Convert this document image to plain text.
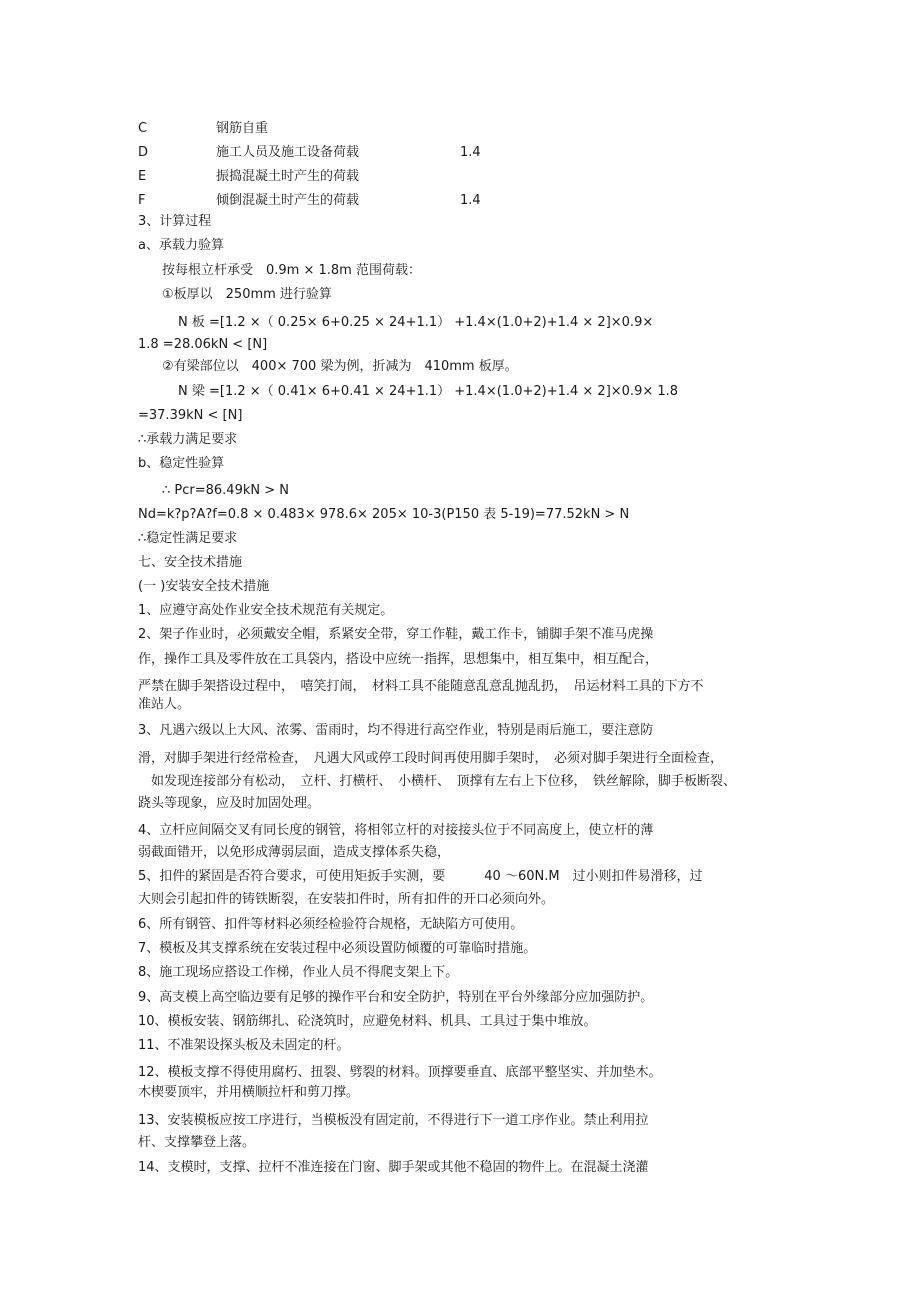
C	钢筋自重
D	施工人员及施工设备荷载	1.4
E	振捣混凝土时产生的荷载
F	倾倒混凝土时产生的荷载	1.4
3、计算过程
a、承载力验算
按每根立杆承受　0.9m × 1.8m 范围荷载：
①板厚以　250mm 进行验算
N 板 =[1.2 ×（ 0.25× 6+0.25 × 24+1.1） +1.4×(1.0+2)+1.4 × 2]×0.9×
1.8 =28.06kN < [N]
②有梁部位以　400× 700 梁为例，折减为　410mm 板厚。
N 梁 =[1.2 ×（ 0.41× 6+0.41 × 24+1.1） +1.4×(1.0+2)+1.4 × 2]×0.9× 1.8
=37.39kN < [N]
∴承载力满足要求
b、稳定性验算
∴ Pcr=86.49kN > N
Nd=k?p?A?f=0.8 × 0.483× 978.6× 205× 10-3(P150 表 5-19)=77.52kN > N
∴稳定性满足要求
七、安全技术措施
(一 )安装安全技术措施
1、应遵守高处作业安全技术规范有关规定。
2、架子作业时，必须戴安全帽，系紧安全带，穿工作鞋，戴工作卡，铺脚手架不准马虎操
作，操作工具及零件放在工具袋内，搭设中应统一指挥，思想集中，相互集中，相互配合，
严禁在脚手架搭设过程中，　嘻笑打闹，　材料工具不能随意乱意乱抛乱扔，　吊运材料工具的下方不
准站人。
3、凡遇六级以上大风、浓雾、雷雨时，均不得进行高空作业，特别是雨后施工，要注意防
滑，对脚手架进行经常检查，　凡遇大风或停工段时间再使用脚手架时，　必须对脚手架进行全面检查，
　如发现连接部分有松动，　立杆、打横杆、　小横杆、　顶撑有左右上下位移，　铁丝解除，脚手板断裂、
跷头等现象，应及时加固处理。
4、立杆应间隔交叉有同长度的钢管，将相邻立杆的对接接头位于不同高度上，使立杆的薄
弱截面错开，以免形成薄弱层面，造成支撑体系失稳，
5、扣件的紧固是否符合要求，可使用矩扳手实测，要　　　40 ～60N.M　过小则扣件易滑移，过
大则会引起扣件的铸铁断裂，在安装扣件时，所有扣件的开口必须向外。
6、所有钢管、扣件等材料必须经检验符合规格，无缺陷方可使用。
7、模板及其支撑系统在安装过程中必须设置防倾覆的可靠临时措施。
8、施工现场应搭设工作梯，作业人员不得爬支架上下。
9、高支模上高空临边要有足够的操作平台和安全防护，特别在平台外缘部分应加强防护。
10、模板安装、钢筋绑扎、砼浇筑时，应避免材料、机具、工具过于集中堆放。
11、不准架设探头板及未固定的杆。
12、模板支撑不得使用腐朽、扭裂、劈裂的材料。顶撑要垂直、底部平整坚实、并加垫木。
木楔要顶牢，并用横顺拉杆和剪刀撑。
13、安装模板应按工序进行，当模板没有固定前，不得进行下一道工序作业。禁止利用拉
杆、支撑攀登上落。
14、支模时，支撑、拉杆不准连接在门窗、脚手架或其他不稳固的物件上。在混凝土浇灌
